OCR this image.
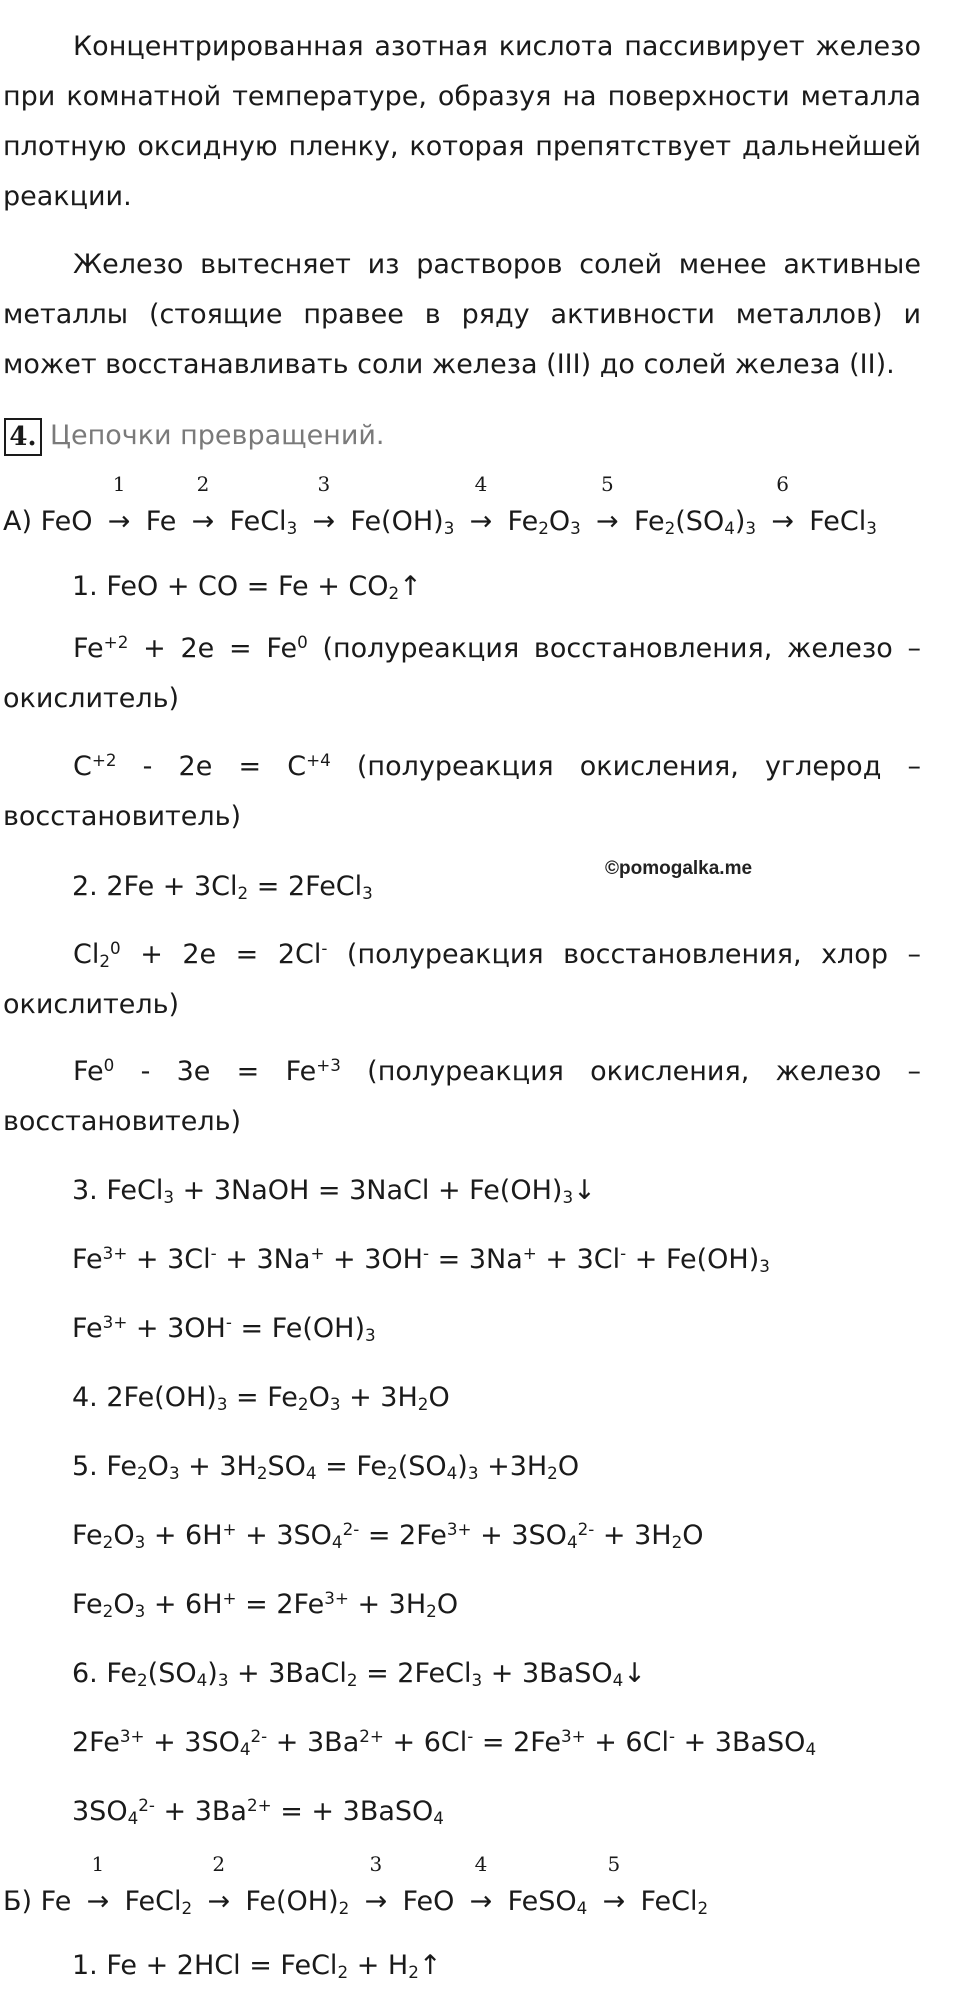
Концентрированная азотная кислота пассивирует железо при комнатной температуре, образуя на поверхности металла плотную оксидную пленку, которая препятствует дальнейшей реакции.
Железо вытесняет из растворов солей менее активные металлы (стоящие правее в ряду активности металлов) и может восстанавливать соли железа (III) до солей железа (II).
4. Цепочки превращений.
А) FeO
1
→ Fe
2
→ FeCl$_3$
3
→ $Fe(OH)_3$
4
→ $Fe_2O_3$
5
→ $Fe_2(SO_4)_3$
6
→ FeCl$_3$
1. FeO + CO = $Fe + CO_2↑$
$Fe^{+2} + 2e = Fe^0$ (полуреакция восстановления, железо – окислитель)
$C^{+2} - 2e = C^{+4}$ (полуреакция окисления, углерод – восстановитель)
©pomogalka.me
2. $2Fe + 3Cl_2$ = 2FeCl$_3$
$Cl_2^0 + 2e = 2Cl^-$ (полуреакция восстановления, хлор – окислитель)
$Fe^0 - 3e = Fe^{+3}$ (полуреакция окисления, железо – восстановитель)
3. FeCl$_3$ + 3NaOH = 3NaCl + $Fe(OH)_3↓$
$Fe^{3+} + 3Cl^- + 3Na^+ + 3OH^- = 3Na^+ + 3Cl^- + Fe(OH)_3$
$Fe^{3+} + 3OH^- = Fe(OH)_3$
4. $2Fe(OH)_3 = Fe_2O_3 + 3H_2O$
5. $Fe_2O_3 + 3H_2SO_4 = Fe_2(SO_4)_3 +3H_2O$
$Fe_2O_3 + 6H^+ + 3SO_4^{2-} = 2Fe^{3+} + 3SO_4^{2-} + 3H_2O$
$Fe_2O_3 + 6H^+ = 2Fe^{3+} + 3H_2O$
6. $Fe_2(SO_4)_3$ + 3BaCl$_2$ = 2FeCl$_3$ + 3BaSO$_4$↓
$2Fe^{3+} + 3SO_4^{2-} + 3Ba^{2+} + 6Cl^- = 2Fe^{3+} + 6Cl^-$ + 3BaSO$_4$
$3SO_4^{2-} + 3Ba^{2+}$ = + 3BaSO$_4$
Б) Fe
1
→ FeCl$_2$
2
→ $Fe(OH)_2$
3
→ FeO
4
→ FeSO$_4$
5
→ FeCl$_2$
1. Fe + 2HCl = FeCl$_2$ + $H_2↑$
